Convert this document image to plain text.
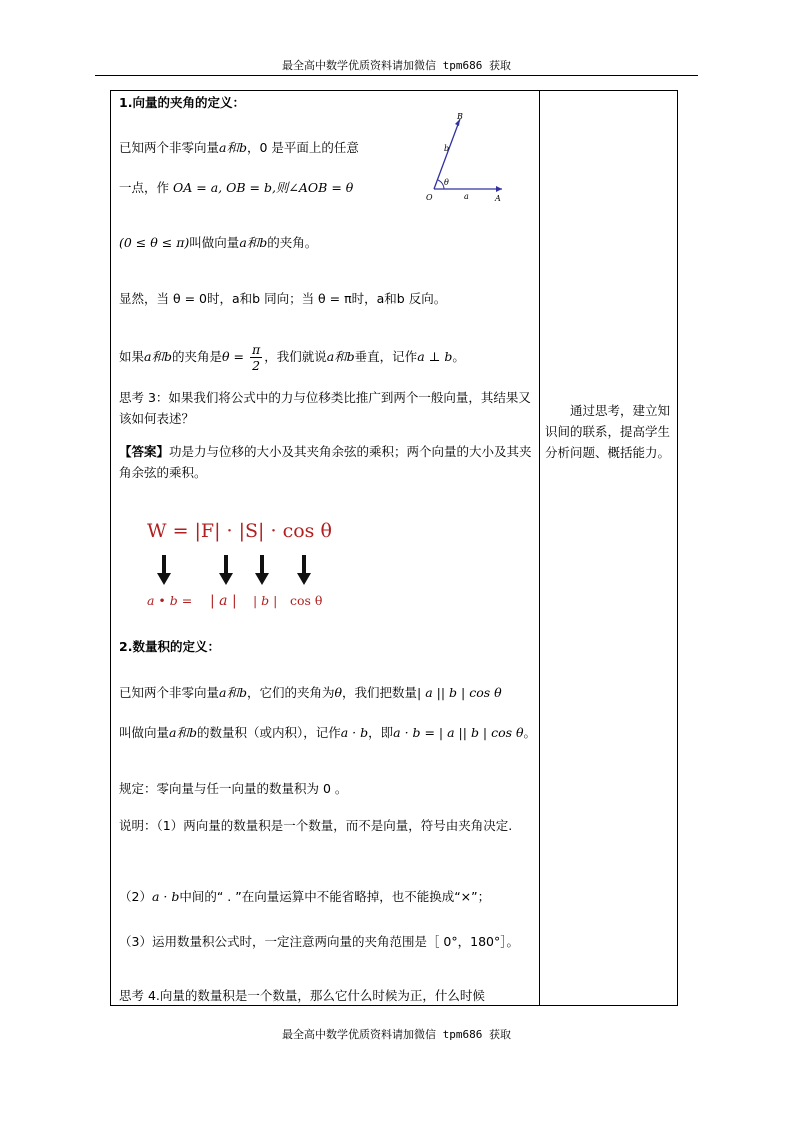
最全高中数学优质资料请加微信 tpm686 获取
1.向量的夹角的定义：
已知两个非零向量a和b，0 是平面上的任意
一点，作 OA = a, OB = b,则∠AOB = θ
B
b
θ
O	a	A
(0 ≤ θ ≤ π)叫做向量a和b的夹角。
显然，当 θ = 0时，a和b 同向；当 θ = π时，a和b 反向。
如果a和b的夹角是$\theta = \frac{\pi}{2}$ ，我们就说a和b垂直，记作a ⊥ b。
思考 3：如果我们将公式中的力与位移类比推广到两个一般向量，其结果又该如何表述？
【答案】功是力与位移的大小及其夹角余弦的乘积；两个向量的大小及其夹角余弦的乘积。
W = |F| · |S| · cos θ
a • b = | a | | b | cos θ
2.数量积的定义：
已知两个非零向量a和b，它们的夹角为θ，我们把数量| a || b | cos θ
叫做向量a和b的数量积（或内积），记作a · b，即a · b = | a || b | cos θ。
规定：零向量与任一向量的数量积为 0 。
说明：（1）两向量的数量积是一个数量，而不是向量，符号由夹角决定.
（2）a · b中间的“ . ”在向量运算中不能省略掉，也不能换成“×”；
（3）运用数量积公式时，一定注意两向量的夹角范围是［ 0°，180°］。
思考 4.向量的数量积是一个数量，那么它什么时候为正，什么时候
通过思考，建立知识间的联系，提高学生分析问题、概括能力。
最全高中数学优质资料请加微信 tpm686 获取
